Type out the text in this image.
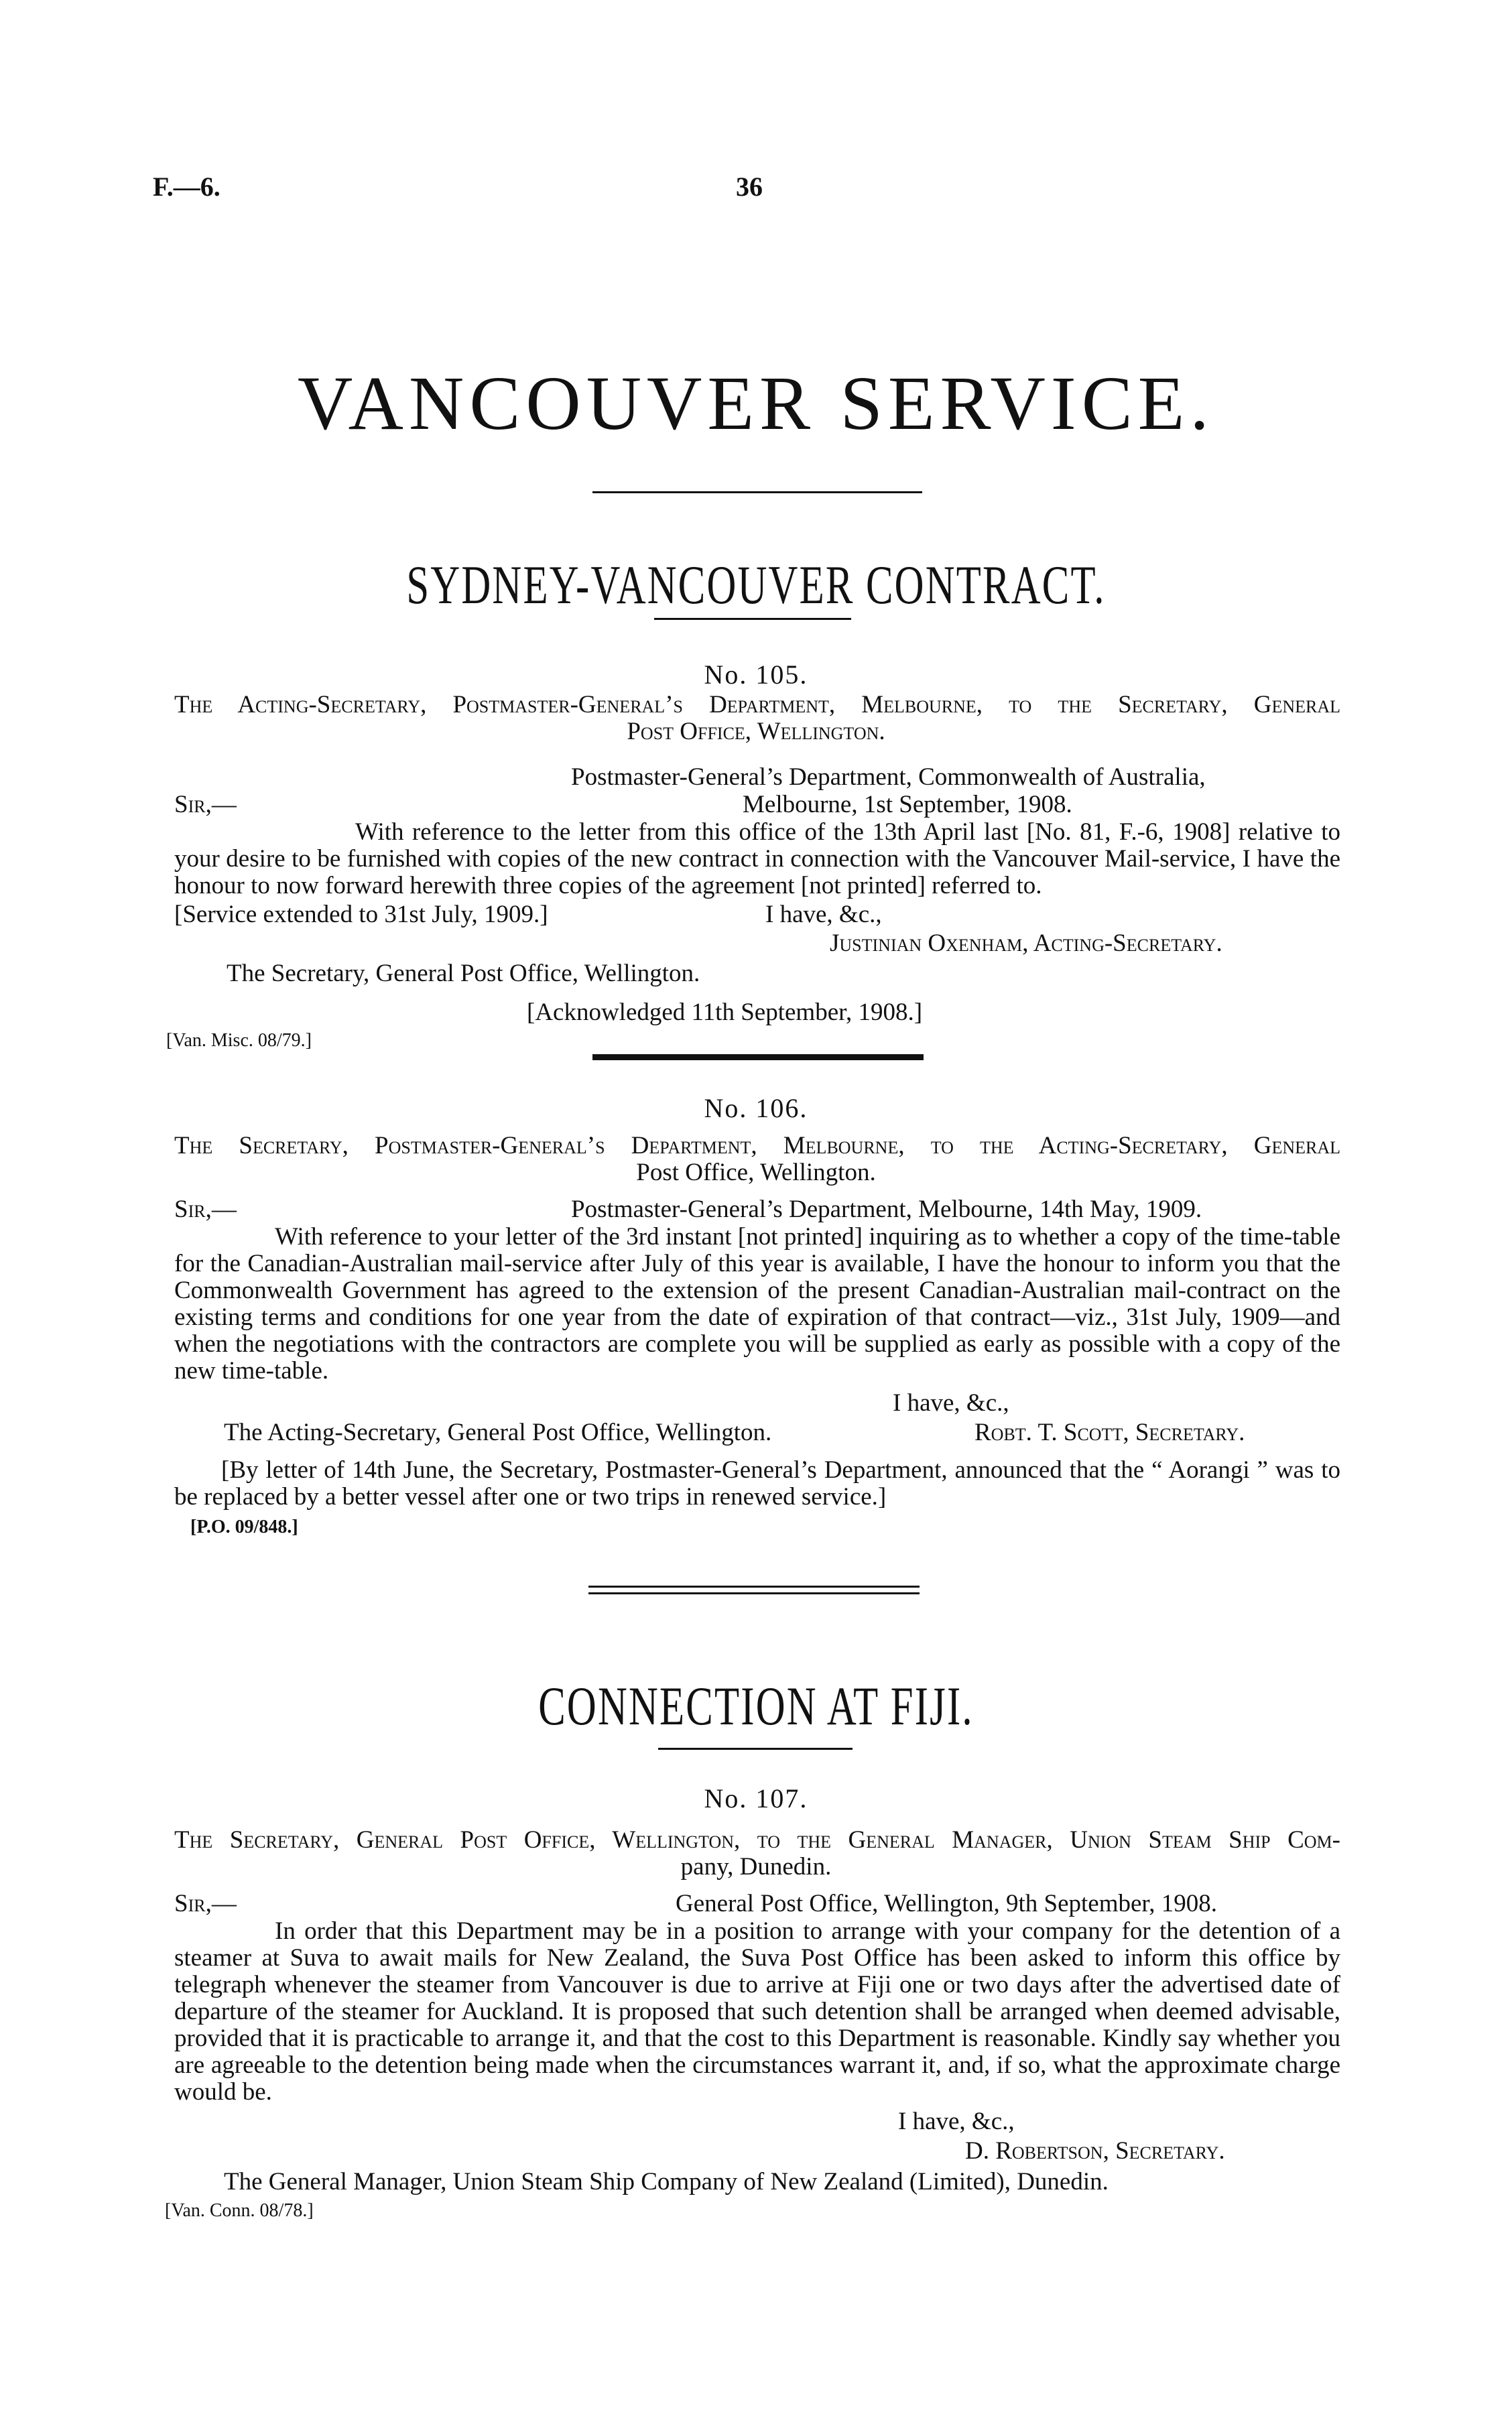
F.—6.	36
VANCOUVER SERVICE.
SYDNEY-VANCOUVER CONTRACT.
No. 105.
The Acting-Secretary, Postmaster-General’s Department, Melbourne, to the Secretary, General
Post Office, Wellington.
Postmaster-General’s Department, Commonwealth of Australia,
Sir,—	Melbourne, 1st September, 1908.
With reference to the letter from this office of the 13th April last [No. 81, F.-6, 1908] relative to your desire to be furnished with copies of the new contract in connection with the Vancouver Mail-service, I have the honour to now forward herewith three copies of the agreement [not printed] referred to.
[Service extended to 31st July, 1909.]	I have, &c.,
Justinian Oxenham, Acting-Secretary.
The Secretary, General Post Office, Wellington.
[Acknowledged 11th September, 1908.]
[Van. Misc. 08/79.]
No. 106.
The Secretary, Postmaster-General’s Department, Melbourne, to the Acting-Secretary, General
Post Office, Wellington.
Sir,—	Postmaster-General’s Department, Melbourne, 14th May, 1909.
With reference to your letter of the 3rd instant [not printed] inquiring as to whether a copy of the time-table for the Canadian-Australian mail-service after July of this year is available, I have the honour to inform you that the Commonwealth Government has agreed to the extension of the present Canadian-Australian mail-contract on the existing terms and conditions for one year from the date of expiration of that contract—viz., 31st July, 1909—and when the negotiations with the contractors are complete you will be supplied as early as possible with a copy of the new time-table.
I have, &c.,
The Acting-Secretary, General Post Office, Wellington.	Robt. T. Scott, Secretary.
[By letter of 14th June, the Secretary, Postmaster-General’s Department, announced that the “ Aorangi ” was to be replaced by a better vessel after one or two trips in renewed service.]
[P.O. 09/848.]
CONNECTION AT FIJI.
No. 107.
The Secretary, General Post Office, Wellington, to the General Manager, Union Steam Ship Com-
pany, Dunedin.
Sir,—	General Post Office, Wellington, 9th September, 1908.
In order that this Department may be in a position to arrange with your company for the detention of a steamer at Suva to await mails for New Zealand, the Suva Post Office has been asked to inform this office by telegraph whenever the steamer from Vancouver is due to arrive at Fiji one or two days after the advertised date of departure of the steamer for Auckland. It is proposed that such detention shall be arranged when deemed advisable, provided that it is practicable to arrange it, and that the cost to this Department is reasonable. Kindly say whether you are agreeable to the detention being made when the circumstances warrant it, and, if so, what the approximate charge would be.
I have, &c.,
D. Robertson, Secretary.
The General Manager, Union Steam Ship Company of New Zealand (Limited), Dunedin.
[Van. Conn. 08/78.]
